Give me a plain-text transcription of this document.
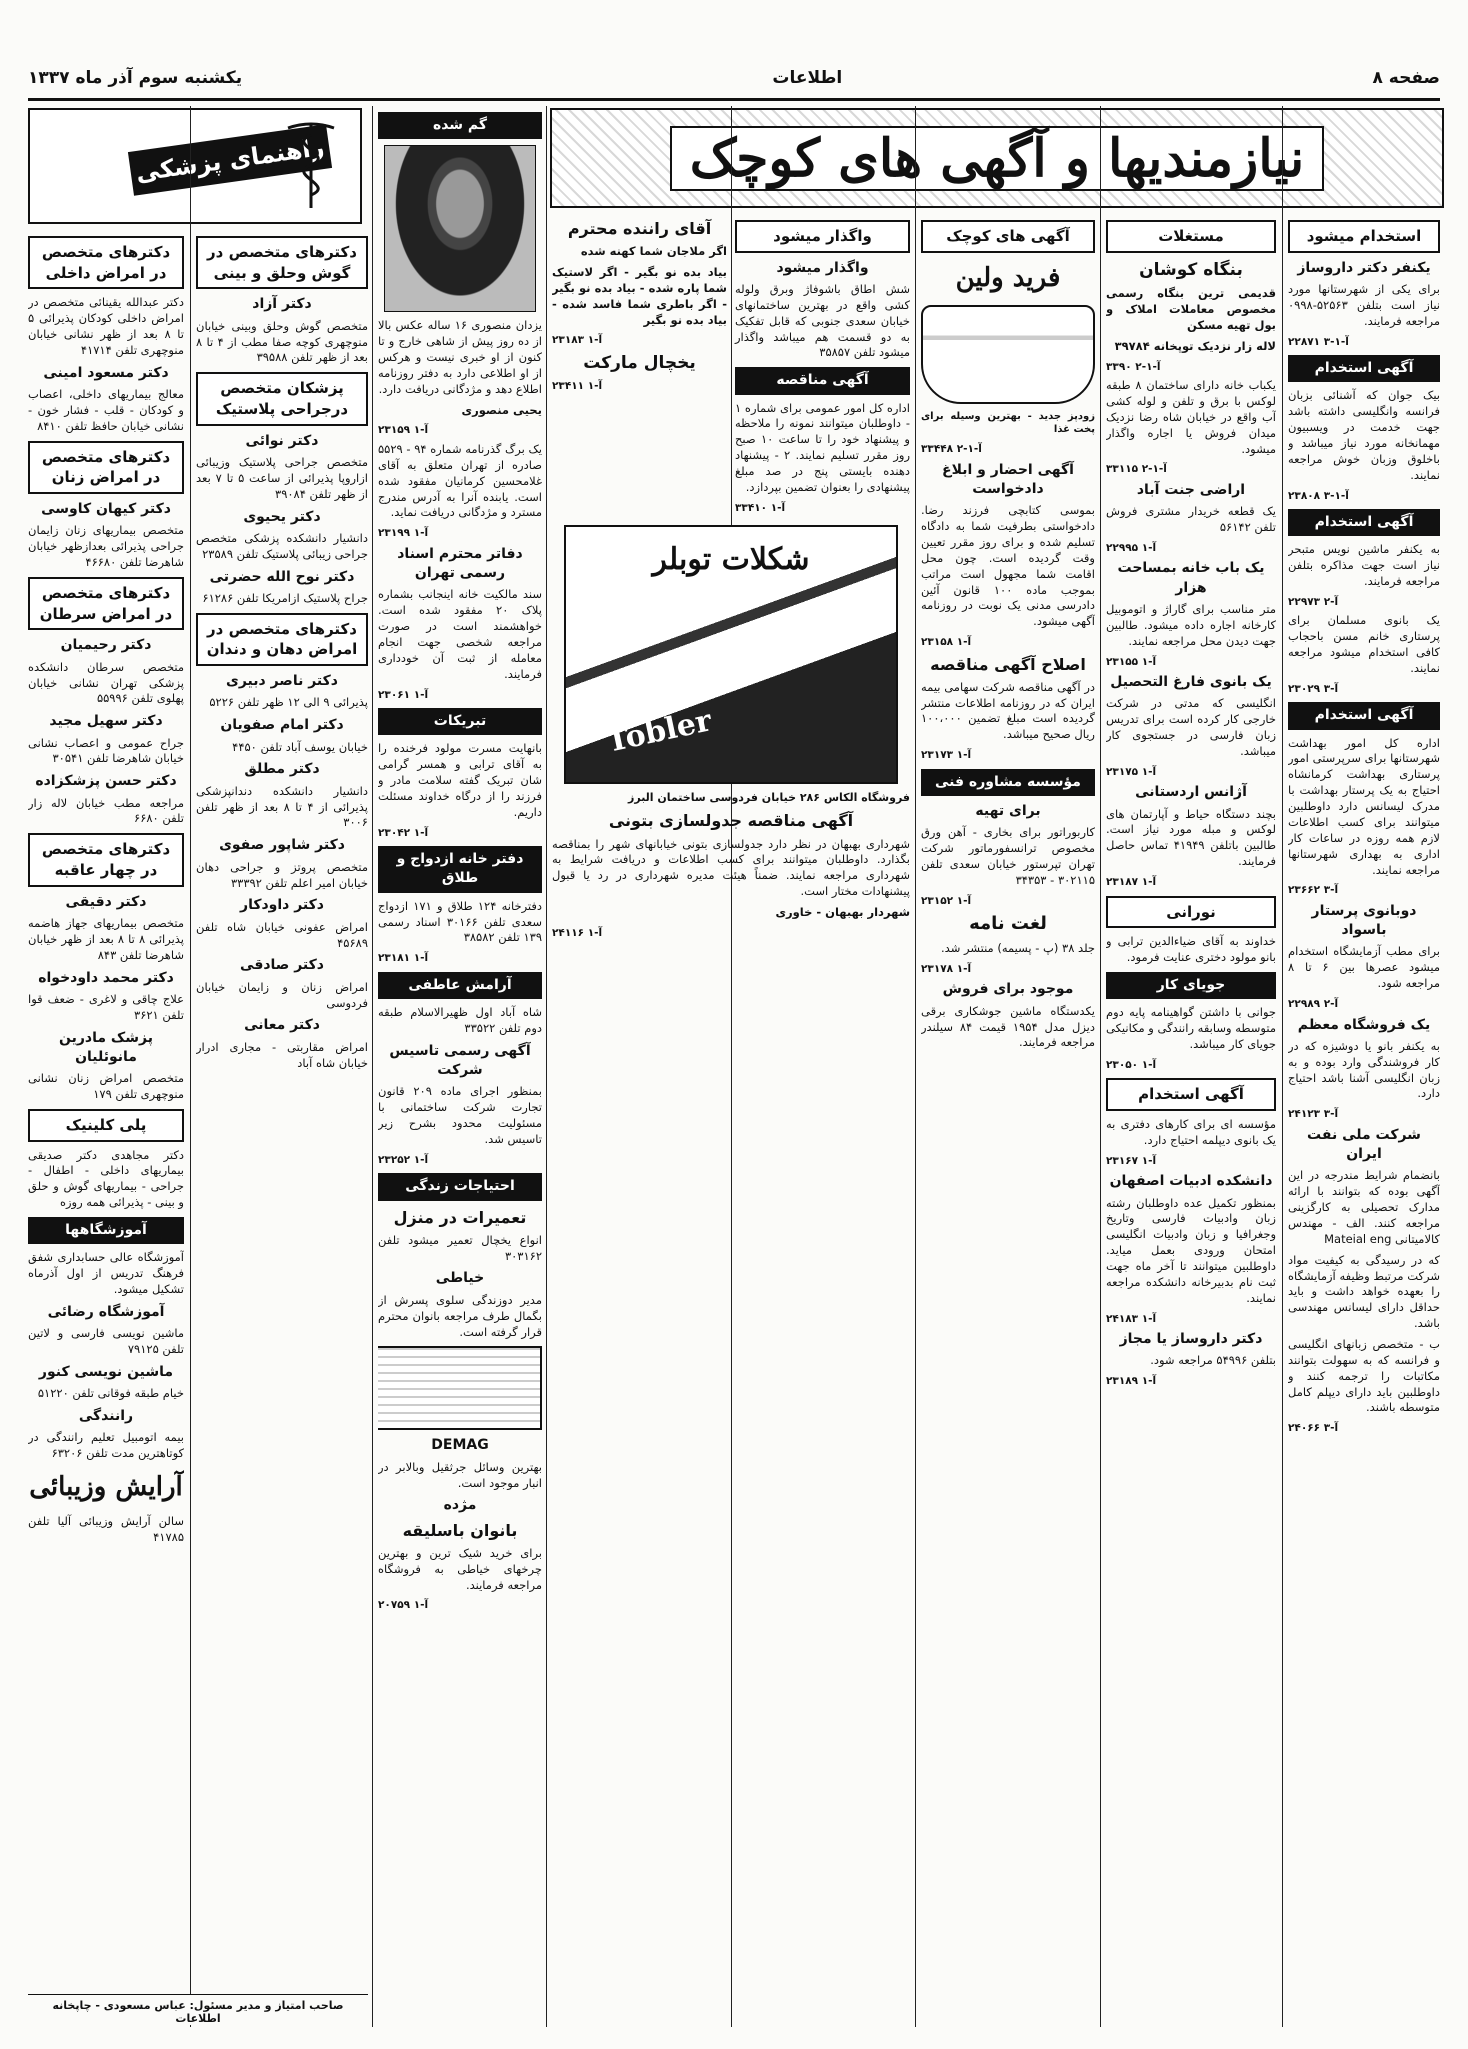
صفحه ۸
اطلاعات
یکشنبه سوم آذر ماه ۱۳۳۷
نیازمندیها و آگهی های کوچک
راهنمای پزشکی
استخدام میشود
یکنفر دکتر داروساز

برای یکی از شهرستانها مورد نیاز است بتلفن ۵۲۵۶۳-۰۹۹۸ مراجعه فرمایند.

۲۲۸۷۱ آ-۱-۳
آگهی استخدام

بیک جوان که آشنائی بزبان فرانسه وانگلیسی داشته باشد جهت خدمت در ویسبیون مهمانخانه مورد نیاز میباشد و باخلوق وزبان خوش مراجعه نمایند.

۲۳۸۰۸ آ-۱-۳
آگهی استخدام

به یکنفر ماشین نویس متبحر نیاز است جهت مذاکره بتلفن مراجعه فرمایند.

۲۲۹۷۳ آ-۲

یک بانوی مسلمان برای پرستاری خانم مسن باحجاب کافی استخدام میشود مراجعه نمایند.

۲۳۰۲۹ آ-۳
آگهی استخدام

اداره کل امور بهداشت شهرستانها برای سرپرستی امور پرستاری بهداشت کرمانشاه احتیاج به یک پرستار بهداشت با مدرک لیسانس دارد داوطلبین میتوانند برای کسب اطلاعات لازم همه روزه در ساعات کار اداری به بهداری شهرستانها مراجعه نمایند.

۲۳۶۶۲ آ-۳
دوبانوی پرستار باسواد

برای مطب آزمایشگاه استخدام میشود عصرها بین ۶ تا ۸ مراجعه شود.

۲۲۹۸۹ آ-۲
یک فروشگاه معظم

به یکنفر بانو یا دوشیزه که در کار فروشندگی وارد بوده و به زبان انگلیسی آشنا باشد احتیاج دارد.

۲۴۱۲۳ آ-۳
شرکت ملی نفت ایران

بانضمام شرایط مندرجه در این آگهی بوده که بتوانند با ارائه مدارک تحصیلی به کارگزینی مراجعه کنند. الف - مهندس کالامیتانی Mateial eng

که در رسیدگی به کیفیت مواد شرکت مرتبط وظیفه آزمایشگاه را بعهده خواهد داشت و باید حداقل دارای لیسانس مهندسی باشد.

ب - متخصص زبانهای انگلیسی و فرانسه که به سهولت بتوانند مکاتبات را ترجمه کنند و داوطلبین باید دارای دیپلم کامل متوسطه باشند.

۲۴۰۶۶ آ-۳
مستغلات
بنگاه کوشان

قدیمی ترین بنگاه رسمی مخصوص معاملات املاک و بول تهیه مسکن

لاله زار نزدیک توپخانه ۳۹۷۸۴

۳۳۹۰ آ-۱-۲

یکباب خانه دارای ساختمان ۸ طبقه لوکس با برق و تلفن و لوله کشی آب واقع در خیابان شاه رضا نزدیک میدان فروش یا اجاره واگذار میشود.

۳۳۱۱۵ آ-۱-۲
اراضی جنت آباد

یک قطعه خریدار مشتری فروش تلفن ۵۶۱۴۲

۲۲۹۹۵ آ-۱
یک باب خانه بمساحت هزار

متر مناسب برای گاراژ و اتوموبیل کارخانه اجاره داده میشود. طالبین جهت دیدن محل مراجعه نمایند.

۲۳۱۵۵ آ-۱
یک بانوی فارغ التحصیل

انگلیسی که مدتی در شرکت خارجی کار کرده است برای تدریس زبان فارسی در جستجوی کار میباشد.

۲۳۱۷۵ آ-۱
آژانس اردستانی

بچند دستگاه حیاط و آپارتمان های لوکس و مبله مورد نیاز است. طالبین باتلفن ۴۱۹۴۹ تماس حاصل فرمایند.

۲۳۱۸۷ آ-۱
نورانی

خداوند به آقای ضیاءالدین ترابی و بانو مولود دختری عنایت فرمود.

جویای کار

جوانی با داشتن گواهینامه پایه دوم متوسطه وسابقه رانندگی و مکانیکی جویای کار میباشد.

۲۳۰۵۰ آ-۱
آگهی استخدام

مؤسسه ای برای کارهای دفتری به یک بانوی دیپلمه احتیاج دارد.

۲۳۱۶۷ آ-۱
دانشکده ادبیات اصفهان

بمنظور تکمیل عده داوطلبان رشته زبان وادبیات فارسی وتاریخ وجغرافیا و زبان وادبیات انگلیسی امتحان ورودی بعمل میاید. داوطلبین میتوانند تا آخر ماه جهت ثبت نام بدبیرخانه دانشکده مراجعه نمایند.

۲۴۱۸۳ آ-۱
دکتر داروساز یا مجاز

بتلفن ۵۴۹۹۶ مراجعه شود.

۲۳۱۸۹ آ-۱
آگهی های کوچک
فرید ولین

زودپز جدید - بهترین وسیله برای پخت غذا

۳۳۴۴۸ آ-۱-۲
آگهی احضار و ابلاغ دادخواست

بموسی کتابچی فرزند رضا. دادخواستی بطرفیت شما به دادگاه تسلیم شده و برای روز مقرر تعیین وقت گردیده است. چون محل اقامت شما مجهول است مراتب بموجب ماده ۱۰۰ قانون آئین دادرسی مدنی یک نوبت در روزنامه آگهی میشود.

۲۳۱۵۸ آ-۱
اصلاح آگهی مناقصه

در آگهی مناقصه شرکت سهامی بیمه ایران که در روزنامه اطلاعات منتشر گردیده است مبلغ تضمین ۱۰۰،۰۰۰ ریال صحیح میباشد.

۲۳۱۷۳ آ-۱
مؤسسه مشاوره فنی
برای تهیه

کاربوراتور برای بخاری - آهن ورق مخصوص ترانسفورماتور شرکت تهران تپرستور خیابان سعدی تلفن ۳۰۲۱۱۵ - ۳۴۳۵۳

۲۳۱۵۲ آ-۱
لغت نامه

جلد ۳۸ (پ - پسیمه) منتشر شد.

۲۳۱۷۸ آ-۱
موجود برای فروش

یکدستگاه ماشین جوشکاری برقی دیزل مدل ۱۹۵۴ قیمت ۸۴ سیلندر مراجعه فرمایند.

واگذار میشود
واگذار میشود

شش اطاق باشوفاژ وبرق ولوله کشی واقع در بهترین ساختمانهای خیابان سعدی جنوبی که قابل تفکیک به دو قسمت هم میباشد واگذار میشود تلفن ۳۵۸۵۷

آگهی مناقصه

اداره کل امور عمومی برای شماره ۱ - داوطلبان میتوانند نمونه را ملاحظه و پیشنهاد خود را تا ساعت ۱۰ صبح روز مقرر تسلیم نمایند. ۲ - پیشنهاد دهنده بایستی پنج در صد مبلغ پیشنهادی را بعنوان تضمین بپردازد.

۳۳۴۱۰ آ-۱
آقای راننده محترم

اگر ملاجان شما کهنه شده

بیاد بده نو بگیر - اگر لاستیک شما پاره شده - بیاد بده نو بگیر - اگر باطری شما فاسد شده - بیاد بده نو بگیر

۲۳۱۸۳ آ-۱
یخچال مارکت
۲۳۴۱۱ آ-۱
شکلات توبلر
Tobler

فروشگاه الکاس ۲۸۶ خیابان فردوسی ساختمان البرز

آگهی مناقصه جدولسازی بتونی

شهرداری بهبهان در نظر دارد جدولسازی بتونی خیابانهای شهر را بمناقصه بگذارد. داوطلبان میتوانند برای کسب اطلاعات و دریافت شرایط به شهرداری مراجعه نمایند. ضمناً هیئت مدیره شهرداری در رد یا قبول پیشنهادات مختار است.

شهردار بهبهان - خاوری

۲۴۱۱۶ آ-۱
گم شده

یزدان منصوری ۱۶ ساله عکس بالا از ده روز پیش از شاهی خارج و تا کنون از او خبری نیست و هرکس از او اطلاعی دارد به دفتر روزنامه اطلاع دهد و مژدگانی دریافت دارد.

یحیی منصوری

۲۳۱۵۹ آ-۱

یک برگ گذرنامه شماره ۹۴ - ۵۵۲۹ صادره از تهران متعلق به آقای غلامحسین کرمانیان مفقود شده است. یابنده آنرا به آدرس مندرج مسترد و مژدگانی دریافت نماید.

۲۳۱۹۹ آ-۱
دفاتر محترم اسناد رسمی تهران

سند مالکیت خانه اینجانب بشماره پلاک ۲۰ مفقود شده است. خواهشمند است در صورت مراجعه شخصی جهت انجام معامله از ثبت آن خودداری فرمایند.

۲۳۰۶۱ آ-۱
تبریکات

بانهایت مسرت مولود فرخنده را به آقای ترابی و همسر گرامی شان تبریک گفته سلامت مادر و فرزند را از درگاه خداوند مسئلت داریم.

۲۳۰۴۲ آ-۱
دفتر خانه ازدواج و طلاق

دفترخانه ۱۲۴ طلاق و ۱۷۱ ازدواج سعدی تلفن ۳۰۱۶۶ اسناد رسمی ۱۳۹ تلفن ۳۸۵۸۲

۲۳۱۸۱ آ-۱
آرامش عاطفی

شاه آباد اول ظهیرالاسلام طبقه دوم تلفن ۳۳۵۲۲

آگهی رسمی تاسیس شرکت

بمنظور اجرای ماده ۲۰۹ قانون تجارت شرکت ساختمانی با مسئولیت محدود بشرح زیر تاسیس شد.

۲۳۲۵۲ آ-۱
احتیاجات زندگی
تعمیرات در منزل

انواع یخچال تعمیر میشود تلفن ۳۰۳۱۶۲

خیاطی

مدیر دوزندگی سلوی پسرش از بگمال طرف مراجعه بانوان محترم قرار گرفته است.

DEMAG

بهترین وسائل جرثقیل وبالابر در انبار موجود است.

مژده
بانوان باسلیقه

برای خرید شیک ترین و بهترین چرخهای خیاطی به فروشگاه مراجعه فرمایند.

۲۰۷۵۹ آ-۱
دکترهای متخصص در گوش وحلق و بینی
دکتر آزاد

متخصص گوش وحلق وبینی خیابان منوچهری کوچه صفا مطب از ۴ تا ۸ بعد از ظهر تلفن ۳۹۵۸۸

پزشکان متخصص درجراحی پلاستیک
دکتر نوائی

متخصص جراحی پلاستیک وزیبائی ازاروپا پذیرائی از ساعت ۵ تا ۷ بعد از ظهر تلفن ۳۹۰۸۴

دکتر یحیوی

دانشیار دانشکده پزشکی متخصص جراحی زیبائی پلاستیک تلفن ۲۳۵۸۹

دکتر نوح الله حضرتی

جراح پلاستیک ازامریکا تلفن ۶۱۲۸۶

دکترهای متخصص در امراض دهان و دندان
دکتر ناصر دبیری

پذیرائی ۹ الی ۱۲ ظهر تلفن ۵۲۲۶

دکتر امام صفویان

خیابان یوسف آباد تلفن ۴۴۵۰

دکتر مطلق

دانشیار دانشکده دندانپزشکی پذیرائی از ۴ تا ۸ بعد از ظهر تلفن ۳۰۰۶

دکتر شاپور صفوی

متخصص پروتز و جراحی دهان خیابان امیر اعلم تلفن ۳۳۳۹۲

دکتر داودکار

امراض عفونی خیابان شاه تلفن ۴۵۶۸۹

دکتر صادقی

امراض زنان و زایمان خیابان فردوسی

دکتر معانی

امراض مقاربتی - مجاری ادرار خیابان شاه آباد

دکترهای متخصص در امراض داخلی

دکتر عبدالله یقینائی متخصص در امراض داخلی کودکان پذیرائی ۵ تا ۸ بعد از ظهر نشانی خیابان منوچهری تلفن ۴۱۷۱۴

دکتر مسعود امینی

معالج بیماریهای داخلی، اعصاب و کودکان - قلب - فشار خون - نشانی خیابان حافظ تلفن ۸۴۱۰

دکترهای متخصص در امراض زنان
دکتر کیهان کاوسی

متخصص بیماریهای زنان زایمان جراحی پذیرائی بعدازظهر خیابان شاهرضا تلفن ۴۶۶۸۰

دکترهای متخصص در امراض سرطان
دکتر رحیمیان

متخصص سرطان دانشکده پزشکی تهران نشانی خیابان پهلوی تلفن ۵۵۹۹۶

دکتر سهیل مجید

جراح عمومی و اعصاب نشانی خیابان شاهرضا تلفن ۳۰۵۴۱

دکتر حسن پزشکزاده

مراجعه مطب خیابان لاله زار تلفن ۶۶۸۰

دکترهای متخصص در چهار عاقبه
دکتر دقیقی

متخصص بیماریهای جهاز هاضمه پذیرائی ۸ تا ۸ بعد از ظهر خیابان شاهرضا تلفن ۸۴۳

دکتر محمد داودخواه

علاج چاقی و لاغری - ضعف قوا تلفن ۳۶۲۱

پزشک مادرین مانوئلیان

متخصص امراض زنان نشانی منوچهری تلفن ۱۷۹

پلی کلینیک

دکتر مجاهدی دکتر صدیقی بیماریهای داخلی - اطفال - جراحی - بیماریهای گوش و حلق و بینی - پذیرائی همه روزه

آموزشگاهها

آموزشگاه عالی حسابداری شفق فرهنگ تدریس از اول آذرماه تشکیل میشود.

آموزشگاه رضائی

ماشین نویسی فارسی و لاتین تلفن ۷۹۱۲۵

ماشین نویسی کنور

خیام طبقه فوقانی تلفن ۵۱۲۲۰

رانندگی

بیمه اتومبیل تعلیم رانندگی در کوتاهترین مدت تلفن ۶۳۲۰۶

آرایش وزیبائی

سالن آرایش وزیبائی آلیا تلفن ۴۱۷۸۵

صاحب امتیاز و مدیر مسئول: عباس مسعودی - چاپخانه اطلاعات
